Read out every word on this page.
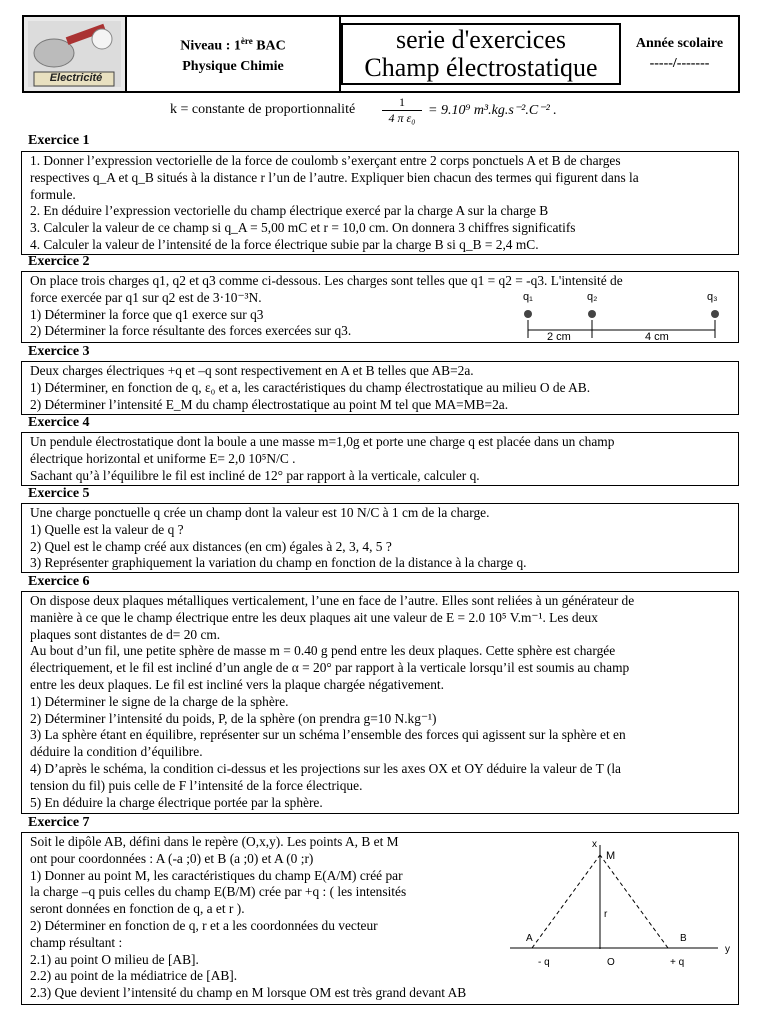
Electricité
Niveau : 1ère BAC
Physique Chimie
serie d'exercices
Champ électrostatique
Année scolaire
-----/-------
k = constante de proportionnalité	1
4 π ε₀ = 9.10⁹ m³.kg.s⁻².C⁻² .
Exercice 1
1. Donner l’expression vectorielle de la force de coulomb s’exerçant entre 2 corps ponctuels A et B de charges
respectives q_A et q_B situés à la distance r l’un de l’autre. Expliquer bien chacun des termes qui figurent dans la
formule.
2. En déduire l’expression vectorielle du champ électrique exercé par la charge A sur la charge B
3. Calculer la valeur de ce champ si q_A = 5,00 mC et r = 10,0 cm. On donnera 3 chiffres significatifs
4. Calculer la valeur de l’intensité de la force électrique subie par la charge B si q_B = 2,4 mC.
Exercice 2
On place trois charges q1, q2 et q3 comme ci-dessous. Les charges sont telles que q1 = q2 = -q3. L'intensité de
force exercée par q1 sur q2 est de 3·10⁻³N.
1) Déterminer la force que q1 exerce sur q3
2) Déterminer la force résultante des forces exercées sur q3.
q₁	q₂	q₃
2 cm	4 cm
Exercice 3
Deux charges électriques +q et –q sont respectivement en A et B telles que AB=2a.
1) Déterminer, en fonction de q, ε₀ et a, les caractéristiques du champ électrostatique au milieu O de AB.
2) Déterminer l’intensité E_M du champ électrostatique au point M tel que MA=MB=2a.
Exercice 4
Un pendule électrostatique dont la boule a une masse m=1,0g et porte une charge q est placée dans un champ
électrique horizontal et uniforme E= 2,0 10⁵N/C .
Sachant qu’à l’équilibre le fil est incliné de 12° par rapport à la verticale, calculer q.
Exercice 5
Une charge ponctuelle q crée un champ dont la valeur est 10 N/C à 1 cm de la charge.
1) Quelle est la valeur de q ?
2) Quel est le champ créé aux distances (en cm) égales à 2, 3, 4, 5 ?
3) Représenter graphiquement la variation du champ en fonction de la distance à la charge q.
Exercice 6
On dispose deux plaques métalliques verticalement, l’une en face de l’autre. Elles sont reliées à un générateur de
manière à ce que le champ électrique entre les deux plaques ait une valeur de E = 2.0 10⁵ V.m⁻¹. Les deux
plaques sont distantes de d= 20 cm.
Au bout d’un fil, une petite sphère de masse m = 0.40 g pend entre les deux plaques. Cette sphère est chargée
électriquement, et le fil est incliné d’un angle de α = 20° par rapport à la verticale lorsqu’il est soumis au champ
entre les deux plaques. Le fil est incliné vers la plaque chargée négativement.
1) Déterminer le signe de la charge de la sphère.
2) Déterminer l’intensité du poids, P, de la sphère (on prendra g=10 N.kg⁻¹)
3) La sphère étant en équilibre, représenter sur un schéma l’ensemble des forces qui agissent sur la sphère et en
déduire la condition d’équilibre.
4) D’après le schéma, la condition ci-dessus et les projections sur les axes OX et OY déduire la valeur de T (la
tension du fil) puis celle de F l’intensité de la force électrique.
5) En déduire la charge électrique portée par la sphère.
Exercice 7
Soit le dipôle AB, défini dans le repère (O,x,y). Les points A, B et M
ont pour coordonnées : A (-a ;0) et B (a ;0) et A (0 ;r)
1) Donner au point M, les caractéristiques du champ E(A/M) créé par
la charge –q puis celles du champ E(B/M) crée par +q : ( les intensités
seront données en fonction de q, a et r ).
2) Déterminer en fonction de q, r et a les coordonnées du vecteur
champ résultant :
2.1) au point O milieu de [AB].
2.2) au point de la médiatrice de [AB].
2.3) Que devient l’intensité du champ en M lorsque OM est très grand devant AB
x
y
M
r
A	B
O
- q	+ q
